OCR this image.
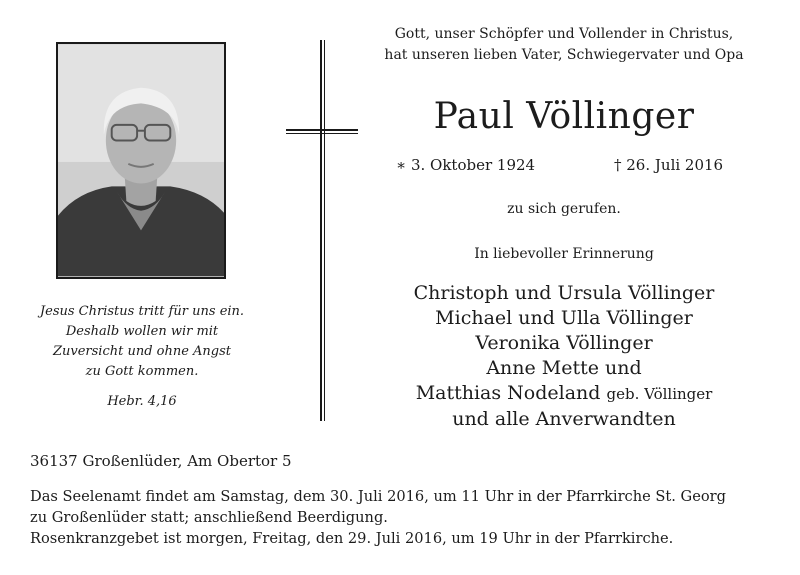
Jesus Christus tritt für uns ein.
Deshalb wollen wir mit
Zuversicht und ohne Angst
zu Gott kommen.
Hebr. 4,16
Gott, unser Schöpfer und Vollender in Christus,
hat unseren lieben Vater, Schwiegervater und Opa
Paul Völlinger
∗ 3. Oktober 1924	† 26. Juli 2016
zu sich gerufen.
In liebevoller Erinnerung
Christoph und Ursula Völlinger
Michael und Ulla Völlinger
Veronika Völlinger
Anne Mette und
Matthias Nodeland geb. Völlinger
und alle Anverwandten
36137 Großenlüder, Am Obertor 5
Das Seelenamt findet am Samstag, dem 30. Juli 2016, um 11 Uhr in der Pfarrkirche St. Georg
zu Großenlüder statt; anschließend Beerdigung.
Rosenkranzgebet ist morgen, Freitag, den 29. Juli 2016, um 19 Uhr in der Pfarrkirche.
